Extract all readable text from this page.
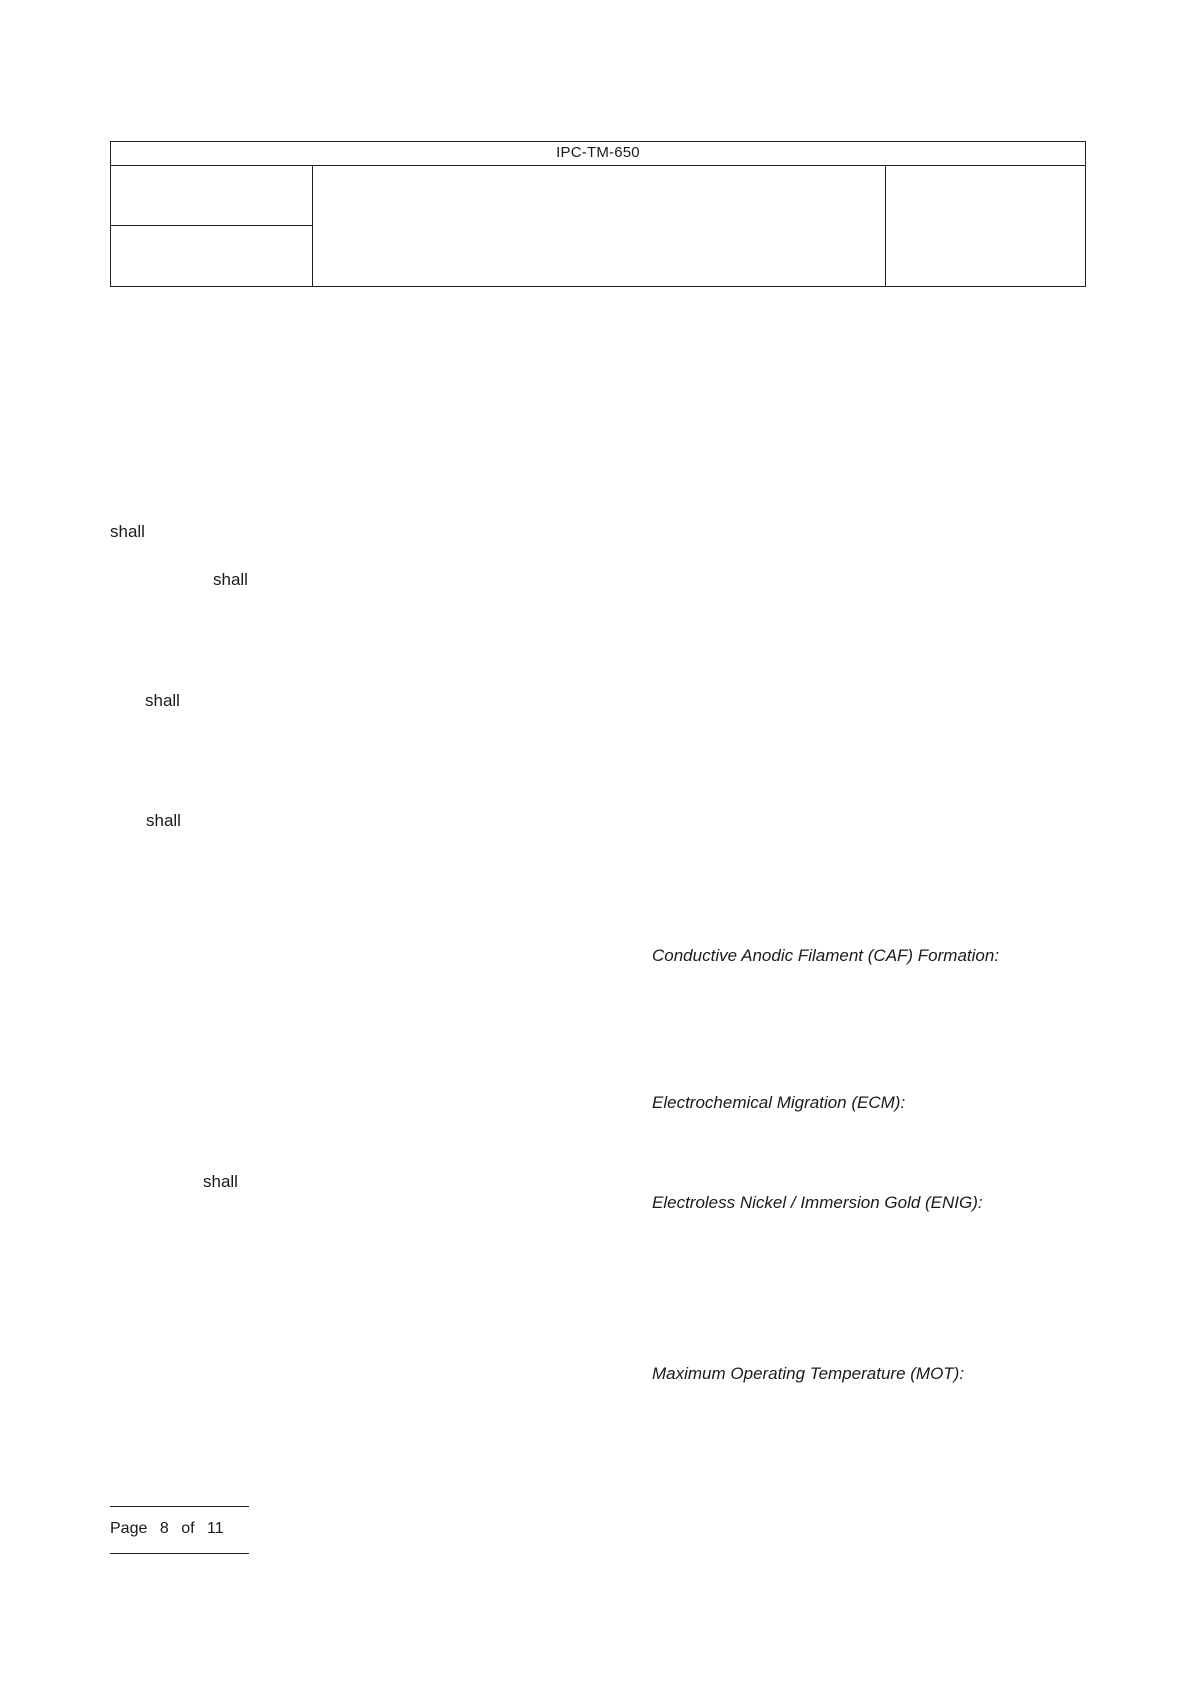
IPC-TM-650
shall
shall
shall
shall
shall
Conductive Anodic Filament (CAF) Formation:
Electrochemical Migration (ECM):
Electroless Nickel / Immersion Gold (ENIG):
Maximum Operating Temperature (MOT):
Page 8 of 11
